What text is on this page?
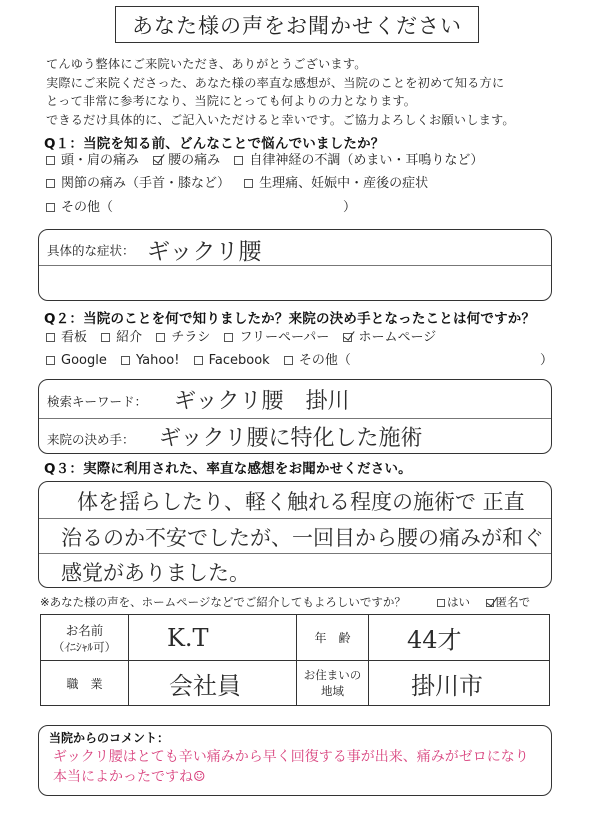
あなた様の声をお聞かせください
てんゆう整体にご来院いただき、ありがとうございます。
実際にご来院くださった、あなた様の率直な感想が、当院のことを初めて知る方に
とって非常に参考になり、当院にとっても何よりの力となります。
できるだけ具体的に、ご記入いただけると幸いです。ご協力よろしくお願いします。
Q１：当院を知る前、どんなことで悩んでいましたか？
頭・肩の痛み 腰の痛み 自律神経の不調（めまい・耳鳴りなど）
関節の痛み（手首・膝など） 生理痛、妊娠中・産後の症状
その他（	）
具体的な症状： ギックリ腰
Q２：当院のことを何で知りましたか？来院の決め手となったことは何ですか？
看板 紹介 チラシ フリーペーパー ホームページ
Google Yahoo! Facebook その他（	）
検索キーワード： ギックリ腰　掛川
来院の決め手： ギックリ腰に特化した施術
Q３：実際に利用された、率直な感想をお聞かせください。
体を揺らしたり、軽く触れる程度の施術で 正直
治るのか不安でしたが、一回目から腰の痛みが和ぐ
感覚がありました。
※あなた様の声を、ホームページなどでご紹介してもよろしいですか？	はい 匿名で
お名前
（ｲﾆｼｬﾙ可）	K.T	年　齢	44才
職　業	会社員	お住まいの
地域	掛川市
当院からのコメント：
ギックリ腰はとても辛い痛みから早く回復する事が出来、痛みがゼロになり
本当によかったですね☺
